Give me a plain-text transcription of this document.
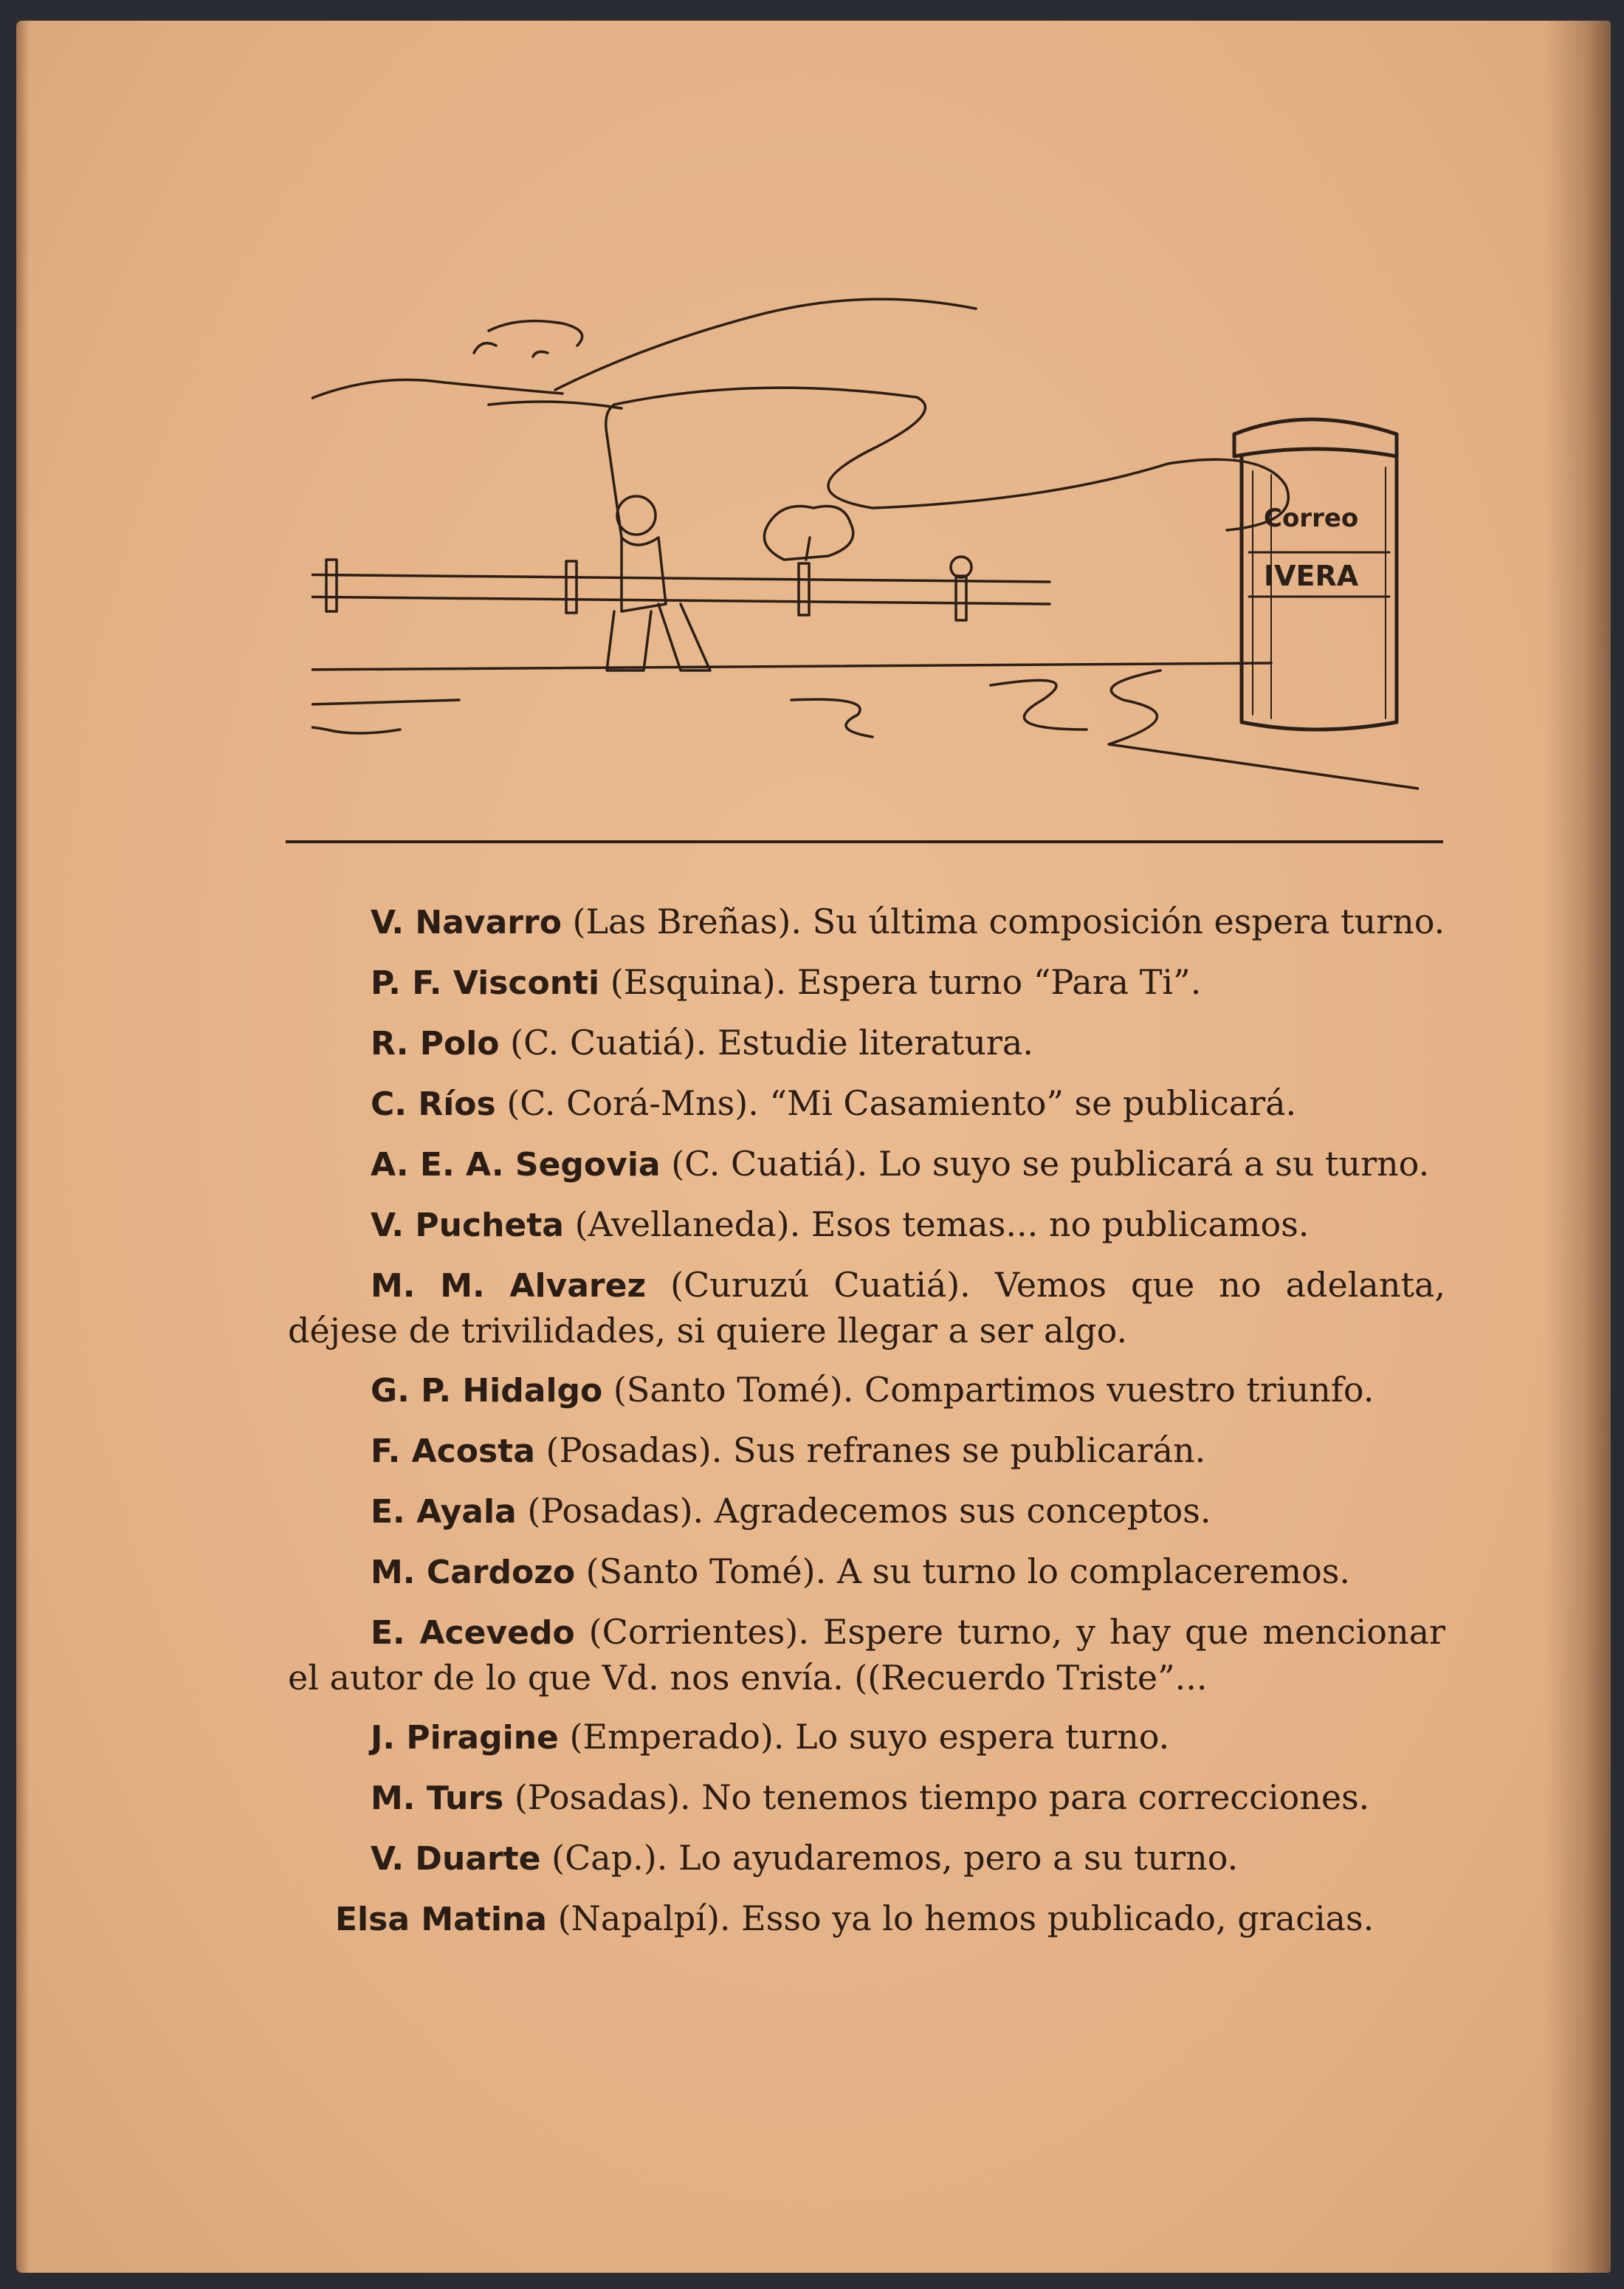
Correo
IVERA

V. Navarro (Las Breñas). Su última composición espera turno.

P. F. Visconti (Esquina). Espera turno “Para Ti”.

R. Polo (C. Cuatiá). Estudie literatura.

C. Ríos (C. Corá-Mns). “Mi Casamiento” se publicará.

A. E. A. Segovia (C. Cuatiá). Lo suyo se publicará a su turno.

V. Pucheta (Avellaneda). Esos temas... no publicamos.

M. M. Alvarez (Curuzú Cuatiá). Vemos que no adelanta, déjese de trivilidades, si quiere llegar a ser algo.

G. P. Hidalgo (Santo Tomé). Compartimos vuestro triunfo.

F. Acosta (Posadas). Sus refranes se publicarán.

E. Ayala (Posadas). Agradecemos sus conceptos.

M. Cardozo (Santo Tomé). A su turno lo complaceremos.

E. Acevedo (Corrientes). Espere turno, y hay que mencionar el autor de lo que Vd. nos envía. ((Recuerdo Triste”...

J. Piragine (Emperado). Lo suyo espera turno.

M. Turs (Posadas). No tenemos tiempo para correcciones.

V. Duarte (Cap.). Lo ayudaremos, pero a su turno.

Elsa Matina (Napalpí). Esso ya lo hemos publicado, gracias.
